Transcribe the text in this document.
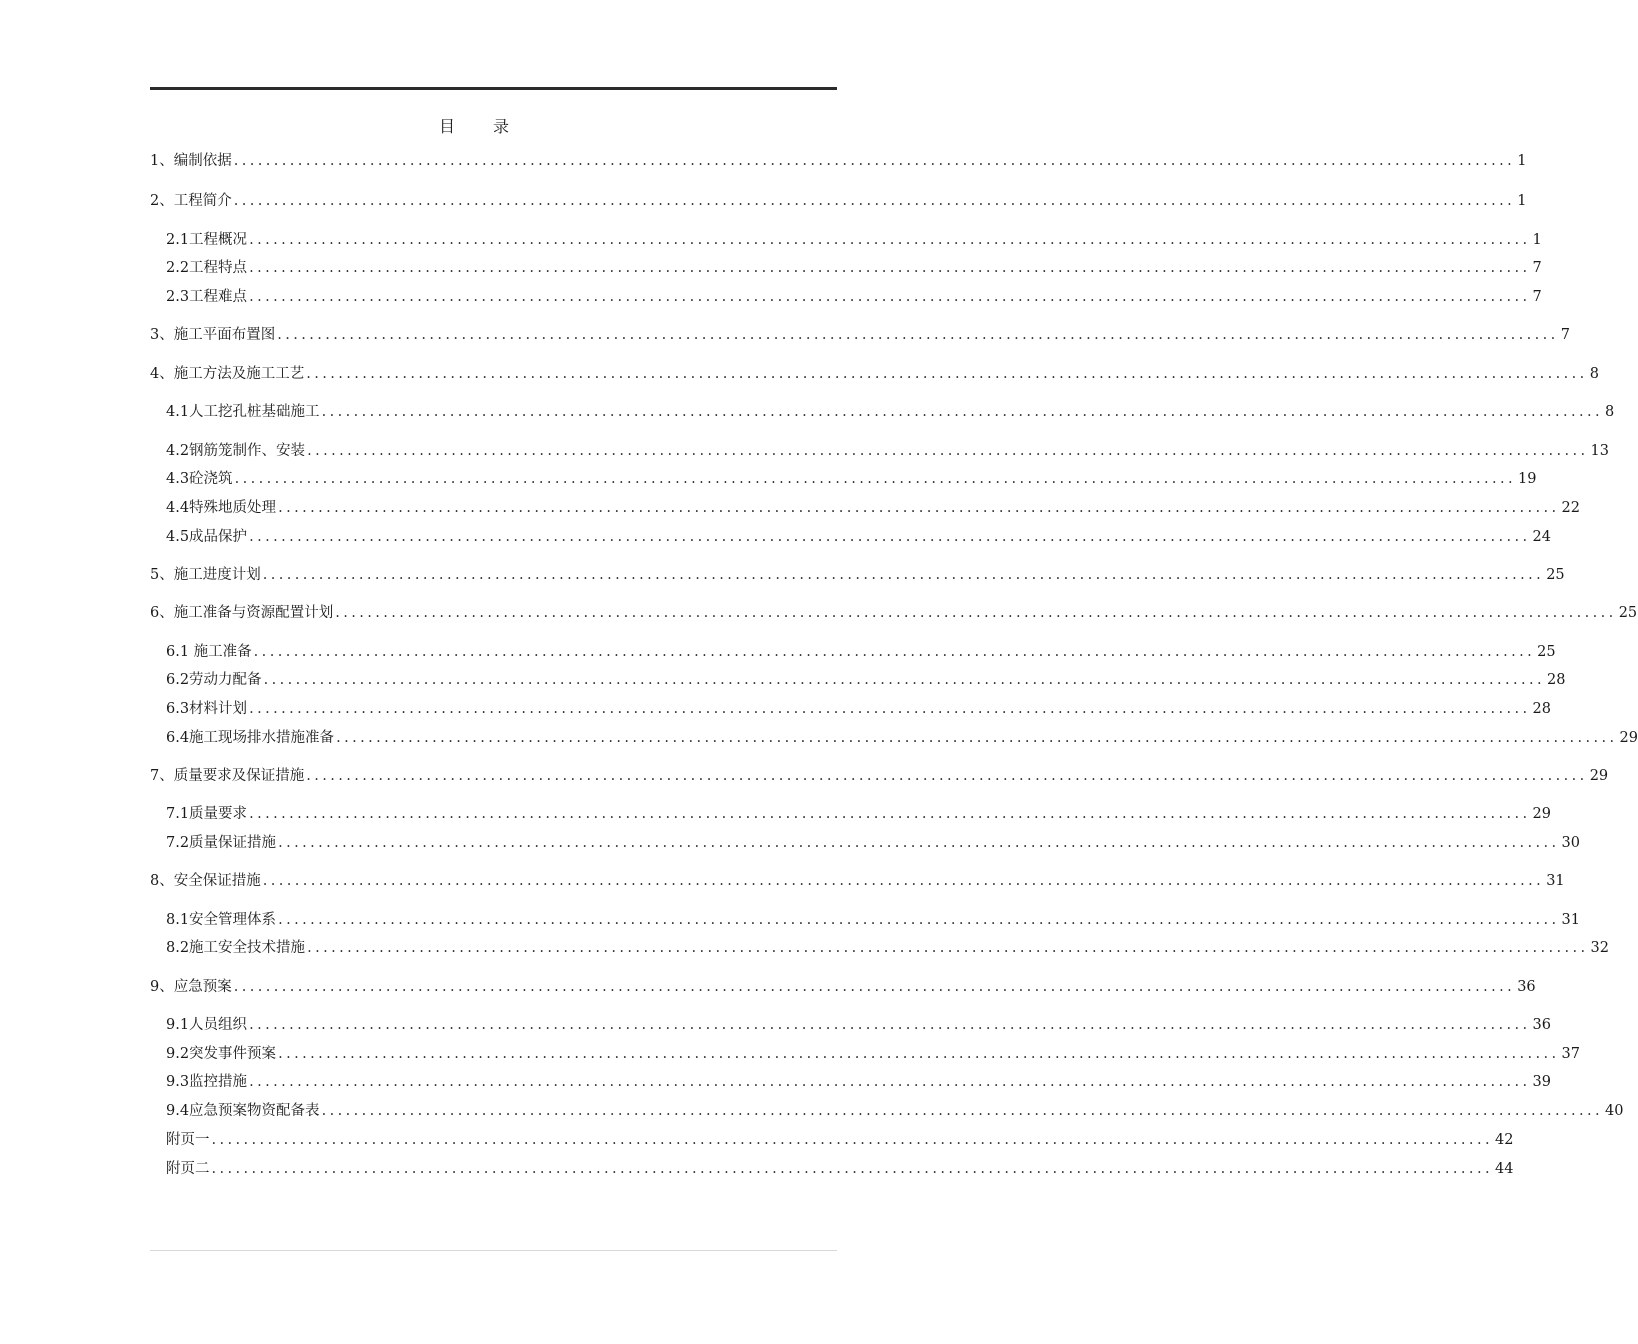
目　　录
1、编制依据 ................................................................................................................................................................ 1
2、工程简介 ................................................................................................................................................................ 1
2.1工程概况 ................................................................................................................................................................ 1
2.2工程特点 ................................................................................................................................................................ 7
2.3工程难点 ................................................................................................................................................................ 7
3、施工平面布置图 ................................................................................................................................................................ 7
4、施工方法及施工工艺 ................................................................................................................................................................ 8
4.1人工挖孔桩基础施工 ................................................................................................................................................................ 8
4.2钢筋笼制作、安装 ................................................................................................................................................................ 13
4.3砼浇筑 ................................................................................................................................................................ 19
4.4特殊地质处理 ................................................................................................................................................................ 22
4.5成品保护 ................................................................................................................................................................ 24
5、施工进度计划 ................................................................................................................................................................ 25
6、施工准备与资源配置计划 ................................................................................................................................................................ 25
6.1 施工准备 ................................................................................................................................................................ 25
6.2劳动力配备 ................................................................................................................................................................ 28
6.3材料计划 ................................................................................................................................................................ 28
6.4施工现场排水措施准备 ................................................................................................................................................................ 29
7、质量要求及保证措施 ................................................................................................................................................................ 29
7.1质量要求 ................................................................................................................................................................ 29
7.2质量保证措施 ................................................................................................................................................................ 30
8、安全保证措施 ................................................................................................................................................................ 31
8.1安全管理体系 ................................................................................................................................................................ 31
8.2施工安全技术措施 ................................................................................................................................................................ 32
9、应急预案 ................................................................................................................................................................ 36
9.1人员组织 ................................................................................................................................................................ 36
9.2突发事件预案 ................................................................................................................................................................ 37
9.3监控措施 ................................................................................................................................................................ 39
9.4应急预案物资配备表 ................................................................................................................................................................ 40
附页一 ................................................................................................................................................................ 42
附页二 ................................................................................................................................................................ 44
